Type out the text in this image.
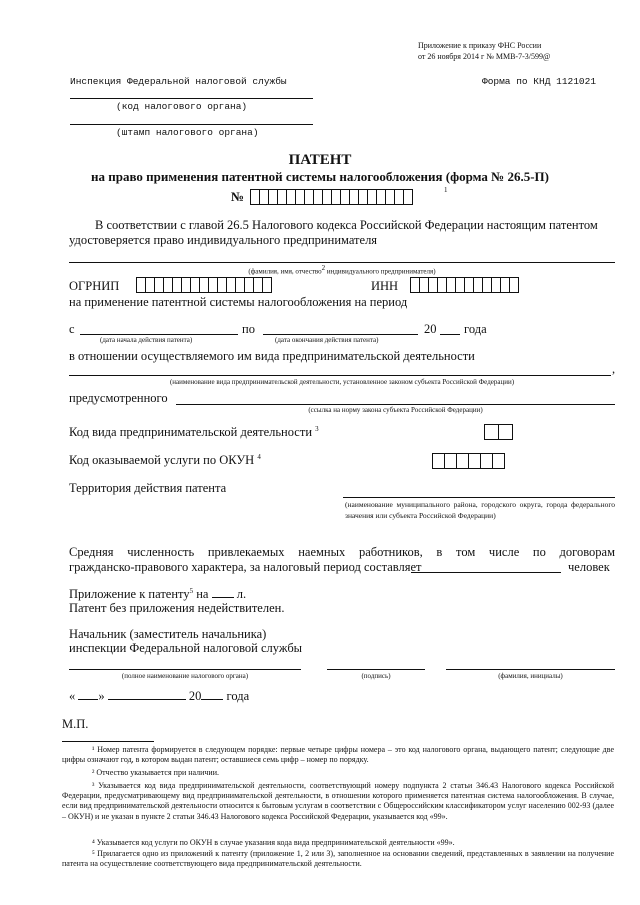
Приложение к приказу ФНС России
от 26 ноября 2014 г № ММВ-7-3/599@
Инспекция Федеральной налоговой службы	Форма по КНД 1121021
(код налогового органа)
(штамп налогового органа)
ПАТЕНТ
на право применения патентной системы налогообложения (форма № 26.5-П)
№	1
В соответствии с главой 26.5 Налогового кодекса Российской Федерации настоящим патентом
удостоверяется право индивидуального предпринимателя
(фамилия, имя, отчество$^2$ индивидуального предпринимателя)
ОГРНИП	ИНН
на применение патентной системы налогообложения на период
с	по	20 года
(дата начала действия патента)	(дата окончания действия патента)
в отношении осуществляемого им вида предпринимательской деятельности
,
(наименование вида предпринимательской деятельности, установленное законом субъекта Российской Федерации)
предусмотренного
(ссылка на норму закона субъекта Российской Федерации)
Код вида предпринимательской деятельности $^3$
Код оказываемой услуги по ОКУН $^4$
Территория действия патента
(наименование муниципального района, городского округа, города федерального значения или субъекта Российской Федерации)
Средняя численность привлекаемых наемных работников, в том числе по договорам
гражданско-правового характера, за налоговый период составляет	человек
Приложение к патенту$^5$ на л.
Патент без приложения недействителен.
Начальник (заместитель начальника)
инспекции Федеральной налоговой службы
(полное наименование налогового органа)	(подпись)	(фамилия, инициалы)
« »	20 года
М.П.
¹ Номер патента формируется в следующем порядке: первые четыре цифры номера – это код налогового органа, выдающего патент; следующие две цифры означают год, в котором выдан патент; оставшиеся семь цифр – номер по порядку.
² Отчество указывается при наличии.
³ Указывается код вида предпринимательской деятельности, соответствующий номеру подпункта 2 статьи 346.43 Налогового кодекса Российской Федерации, предусматривающему вид предпринимательской деятельности, в отношении которого применяется патентная система налогообложения. В случае, если вид предпринимательской деятельности относится к бытовым услугам в соответствии с Общероссийским классификатором услуг населению 002-93 (далее – ОКУН) и не указан в пункте 2 статьи 346.43 Налогового кодекса Российской Федерации, указывается код «99».
⁴ Указывается код услуги по ОКУН в случае указания кода вида предпринимательской деятельности «99».
⁵ Прилагается одно из приложений к патенту (приложение 1, 2 или 3), заполненное на основании сведений, представленных в заявлении на получение патента на осуществление соответствующего вида предпринимательской деятельности.
